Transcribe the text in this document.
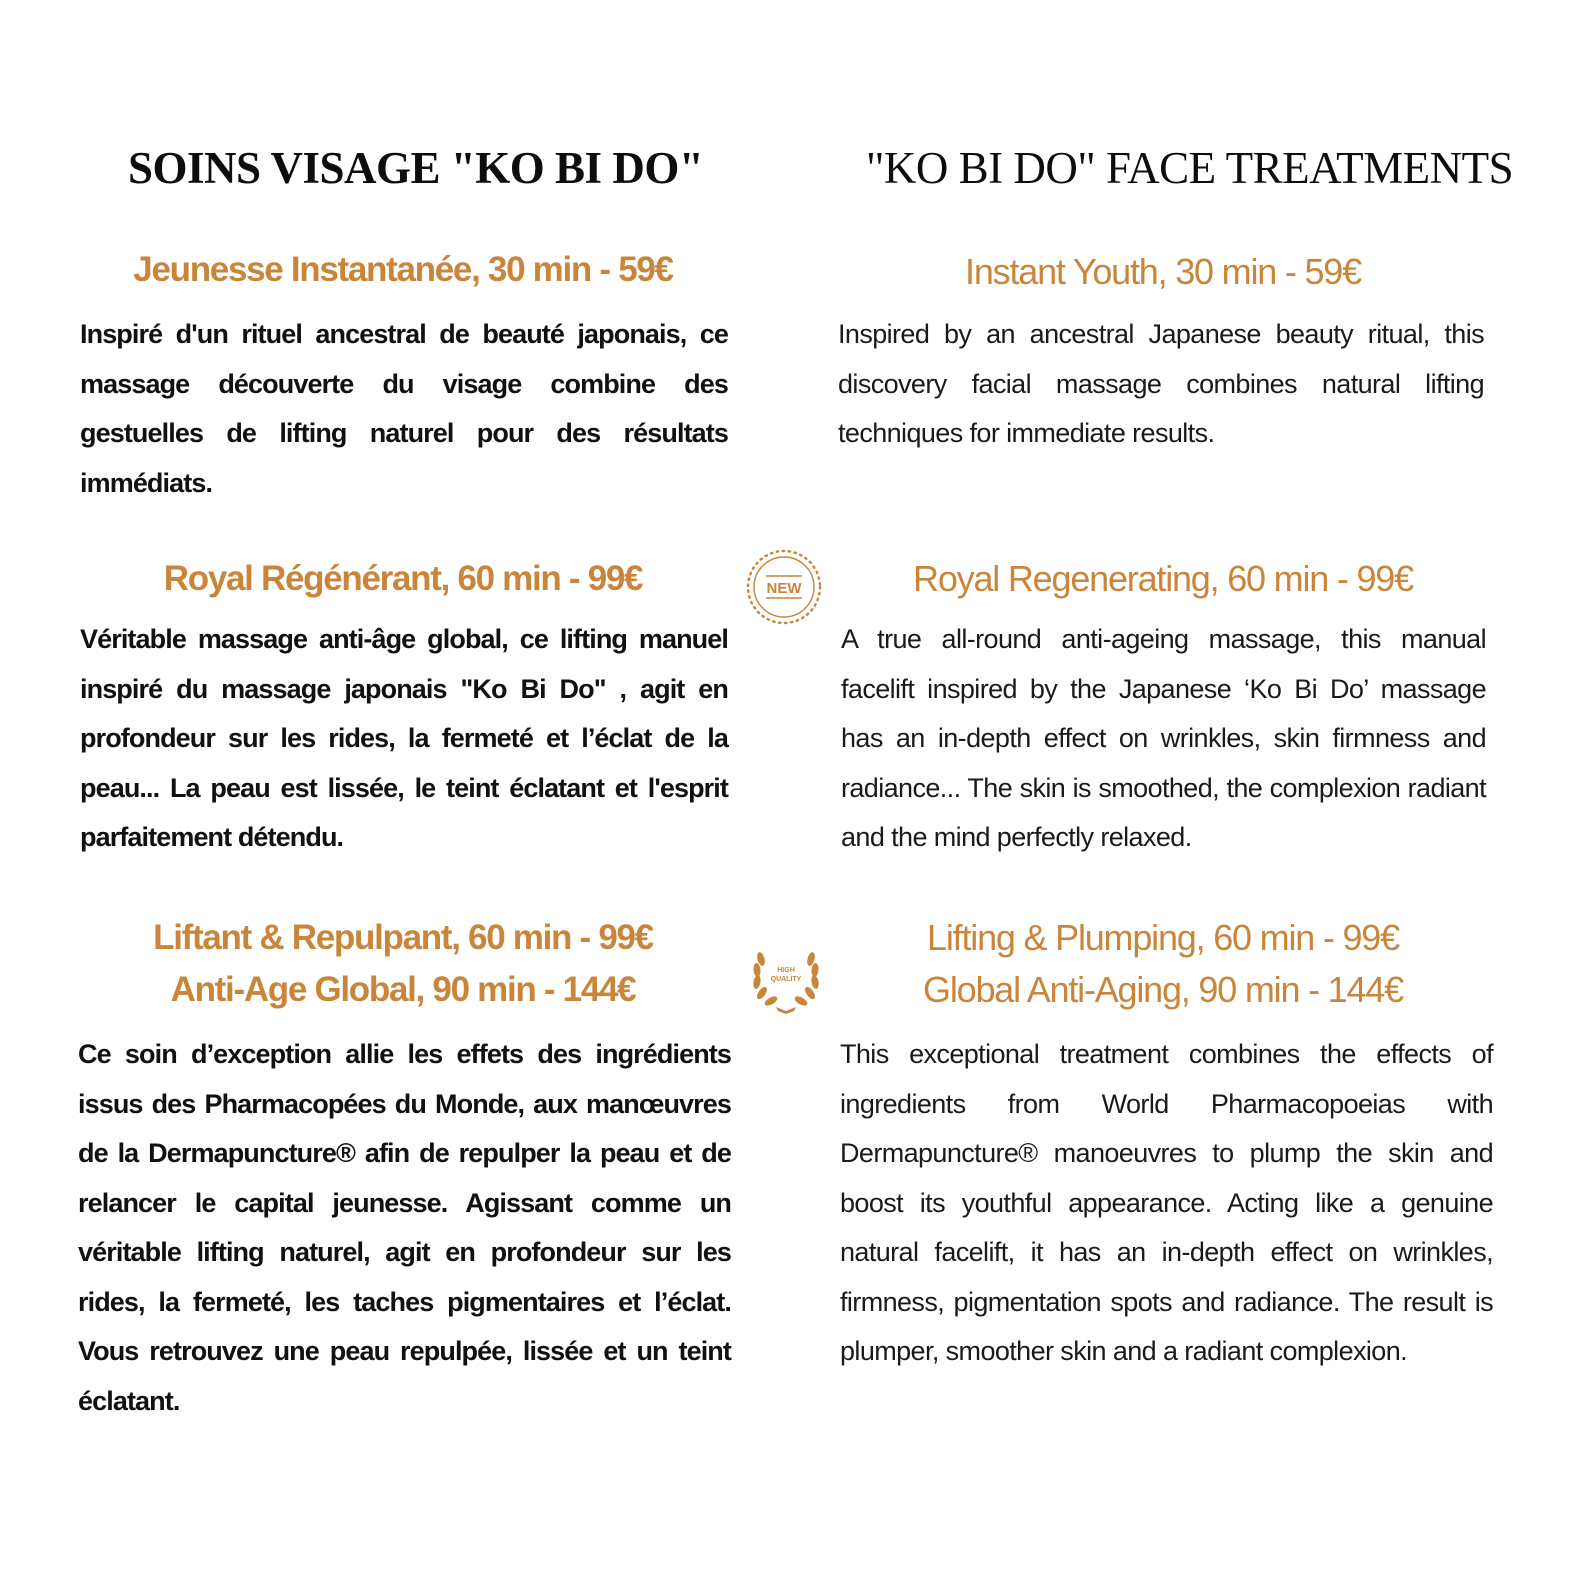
SOINS VISAGE "KO BI DO"	"KO BI DO" FACE TREATMENTS
Jeunesse Instantanée, 30 min - 59€

Inspiré d'un rituel ancestral de beauté japonais, ce massage découverte du visage combine des gestuelles de lifting naturel pour des résultats immédiats.

Royal Régénérant, 60 min - 99€

Véritable massage anti-âge global, ce lifting manuel inspiré du massage japonais "Ko Bi Do" , agit en profondeur sur les rides, la fermeté et l’éclat de la peau... La peau est lissée, le teint éclatant et l'esprit parfaitement détendu.

Liftant & Repulpant, 60 min - 99€
Anti-Age Global, 90 min - 144€

Ce soin d’exception allie les effets des ingrédients issus des Pharmacopées du Monde, aux manœuvres de la Dermapuncture® afin de repulper la peau et de relancer le capital jeunesse. Agissant comme un véritable lifting naturel, agit en profondeur sur les rides, la fermeté, les taches pigmentaires et l’éclat. Vous retrouvez une peau repulpée, lissée et un teint éclatant.

Instant Youth, 30 min - 59€

Inspired by an ancestral Japanese beauty ritual, this discovery facial massage combines natural lifting techniques for immediate results.

Royal Regenerating, 60 min - 99€

A true all-round anti-ageing massage, this manual facelift inspired by the Japanese ‘Ko Bi Do’ massage has an in-depth effect on wrinkles, skin firmness and radiance... The skin is smoothed, the complexion radiant and the mind perfectly relaxed.

Lifting & Plumping, 60 min - 99€
Global Anti-Aging, 90 min - 144€

This exceptional treatment combines the effects of ingredients from World Pharmacopoeias with Dermapuncture® manoeuvres to plump the skin and boost its youthful appearance. Acting like a genuine natural facelift, it has an in-depth effect on wrinkles, firmness, pigmentation spots and radiance. The result is plumper, smoother skin and a radiant complexion.

NEW
HIGH
QUALITY
